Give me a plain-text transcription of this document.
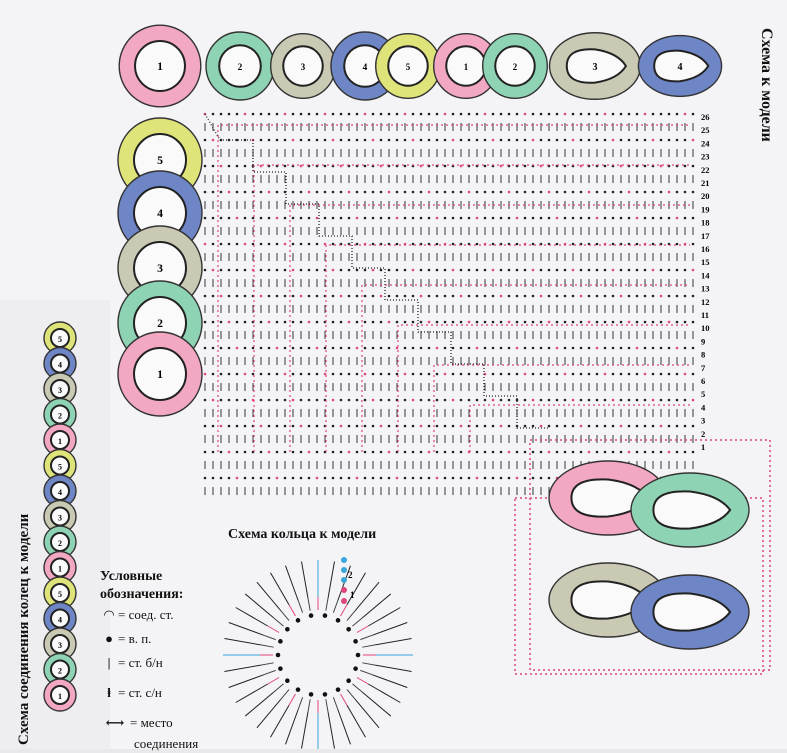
1	2	3	4	5	1	2	3	4
5
4
3
2
1
5
4
3
2
1
5
4
3
2
1
5
4
3
2
1
2
1
26
25
24
23
22
21
20
19
18
17
16
15
14
13
12
11
10
9
8
7
6
5
4
3
2
1
Схема к модели
Схема соединения колец к модели	Схема кольца к модели
Условные
обозначения:
◠ = соед. ст.
● = в. п.
| = ст. б/н
ⱡ = ст. с/н
⟷ = место
соединения
